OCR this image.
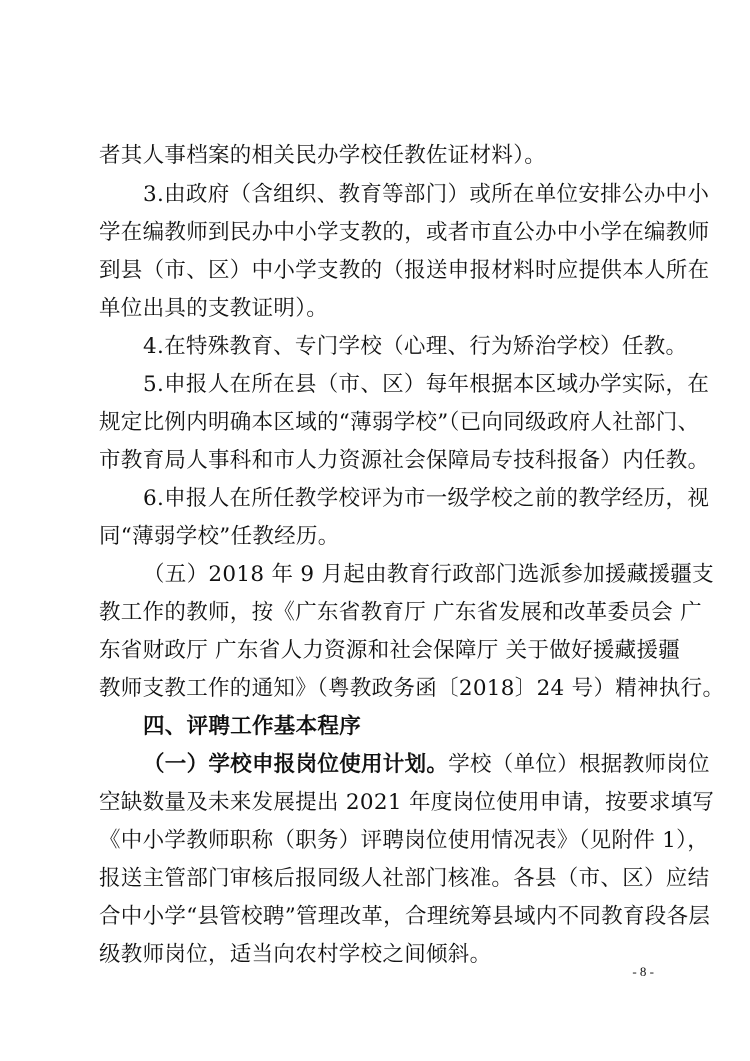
者其人事档案的相关民办学校任教佐证材料）。
3.由政府（含组织、教育等部门）或所在单位安排公办中小
学在编教师到民办中小学支教的，或者市直公办中小学在编教师
到县（市、区）中小学支教的（报送申报材料时应提供本人所在
单位出具的支教证明）。
4.在特殊教育、专门学校（心理、行为矫治学校）任教。
5.申报人在所在县（市、区）每年根据本区域办学实际，在
规定比例内明确本区域的“薄弱学校”（已向同级政府人社部门、
市教育局人事科和市人力资源社会保障局专技科报备）内任教。
6.申报人在所任教学校评为市一级学校之前的教学经历，视
同“薄弱学校”任教经历。
（五）2018 年 9 月起由教育行政部门选派参加援藏援疆支
教工作的教师，按《广东省教育厅 广东省发展和改革委员会 广
东省财政厅 广东省人力资源和社会保障厅 关于做好援藏援疆
教师支教工作的通知》（粤教政务函〔2018〕24 号）精神执行。
四、评聘工作基本程序
（一）学校申报岗位使用计划。学校（单位）根据教师岗位
空缺数量及未来发展提出 2021 年度岗位使用申请，按要求填写
《中小学教师职称（职务）评聘岗位使用情况表》（见附件 1），
报送主管部门审核后报同级人社部门核准。各县（市、区）应结
合中小学“县管校聘”管理改革，合理统筹县域内不同教育段各层
级教师岗位，适当向农村学校之间倾斜。
- 8 -
